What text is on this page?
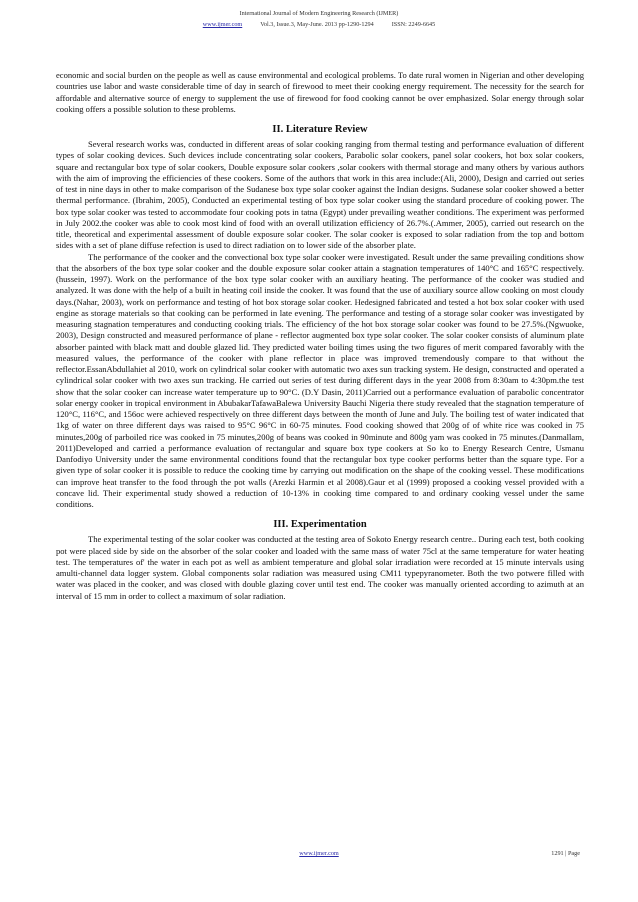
International Journal of Modern Engineering Research (IJMER)
www.ijmer.com	Vol.3, Issue.3, May-June. 2013 pp-1290-1294	ISSN: 2249-6645

economic and social burden on the people as well as cause environmental and ecological problems. To date rural women in Nigerian and other developing countries use labor and waste considerable time of day in search of firewood to meet their cooking energy requirement. The necessity for the search for affordable and alternative source of energy to supplement the use of firewood for food cooking cannot be over emphasized. Solar energy through solar cooking offers a possible solution to these problems.

II. Literature Review

Several research works was, conducted in different areas of solar cooking ranging from thermal testing and performance evaluation of different types of solar cooking devices. Such devices include concentrating solar cookers, Parabolic solar cookers, panel solar cookers, hot box solar cookers, square and rectangular box type of solar cookers, Double exposure solar cookers ,solar cookers with thermal storage and many others by various authors with the aim of improving the efficiencies of these cookers. Some of the authors that work in this area include:(Ali, 2000), Design and carried out series of test in nine days in other to make comparison of the Sudanese box type solar cooker against the Indian designs. Sudanese solar cooker showed a better thermal performance. (Ibrahim, 2005), Conducted an experimental testing of box type solar cooker using the standard procedure of cooking power. The box type solar cooker was tested to accommodate four cooking pots in tatna (Egypt) under prevailing weather conditions. The experiment was performed in July 2002.the cooker was able to cook most kind of food with an overall utilization efficiency of 26.7%.(.Ammer, 2005), carried out research on the title, theoretical and experimental assessment of double exposure solar cooker. The solar cooker is exposed to solar radiation from the top and bottom sides with a set of plane diffuse refection is used to direct radiation on to lower side of the absorber plate.

The performance of the cooker and the convectional box type solar cooker were investigated. Result under the same prevailing conditions show that the absorbers of the box type solar cooker and the double exposure solar cooker attain a stagnation temperatures of 140°C and 165°C respectively.(hussein, 1997). Work on the performance of the box type solar cooker with an auxiliary heating. The performance of the cooker was studied and analyzed. It was done with the help of a built in heating coil inside the cooker. It was found that the use of auxiliary source allow cooking on most cloudy days.(Nahar, 2003), work on performance and testing of hot box storage solar cooker. Hedesigned fabricated and tested a hot box solar cooker with used engine as storage materials so that cooking can be performed in late evening. The performance and testing of a storage solar cooker was investigated by measuring stagnation temperatures and conducting cooking trials. The efficiency of the hot box storage solar cooker was found to be 27.5%.(Ngwuoke, 2003), Design constructed and measured performance of plane - reflector augmented box type solar cooker. The solar cooker consists of aluminum plate absorber painted with black matt and double glazed lid. They predicted water boiling times using the two figures of merit compared favorably with the measured values, the performance of the cooker with plane reflector in place was improved tremendously compare to that without the reflector.EssanAbdullahiet al 2010, work on cylindrical solar cooker with automatic two axes sun tracking system. He design, constructed and operated a cylindrical solar cooker with two axes sun tracking. He carried out series of test during different days in the year 2008 from 8:30am to 4:30pm.the test show that the solar cooker can increase water temperature up to 90°C. (D.Y Dasin, 2011)Carried out a performance evaluation of parabolic concentrator solar energy cooker in tropical environment in AbubakarTafawaBalewa University Bauchi Nigeria there study revealed that the stagnation temperature of 120°C, 116°C, and 156oc were achieved respectively on three different days between the month of June and July. The boiling test of water indicated that 1kg of water on three different days was raised to 95°C 96°C in 60-75 minutes. Food cooking showed that 200g of of white rice was cooked in 75 minutes,200g of parboiled rice was cooked in 75 minutes,200g of beans was cooked in 90minute and 800g yam was cooked in 75 minutes.(Danmallam, 2011)Developed and carried a performance evaluation of rectangular and square box type cookers at So ko to Energy Research Centre, Usmanu Danfodiyo University under the same environmental conditions found that the rectangular box type cooker performs better than the square type. For a given type of solar cooker it is possible to reduce the cooking time by carrying out modification on the shape of the cooking vessel. These modifications can improve heat transfer to the food through the pot walls (Arezki Harmin et al 2008).Gaur et al (1999) proposed a cooking vessel provided with a concave lid. Their experimental study showed a reduction of 10-13% in cooking time compared to and ordinary cooking vessel under the same conditions.

III. Experimentation

The experimental testing of the solar cooker was conducted at the testing area of Sokoto Energy research centre.. During each test, both cooking pot were placed side by side on the absorber of the solar cooker and loaded with the same mass of water 75cl at the same temperature for water heating test. The temperatures of' the water in each pot as well as ambient temperature and global solar irradiation were recorded at 15 minute intervals using amulti-channel data logger system. Global components solar radiation was measured using CM11 typepyranometer. Both the two potwere filled with water was placed in the cooker, and was closed with double glazing cover until test end. The cooker was manually oriented according to azimuth at an interval of 15 mm in order to collect a maximum of solar radiation.

www.ijmer.com	1291 | Page
